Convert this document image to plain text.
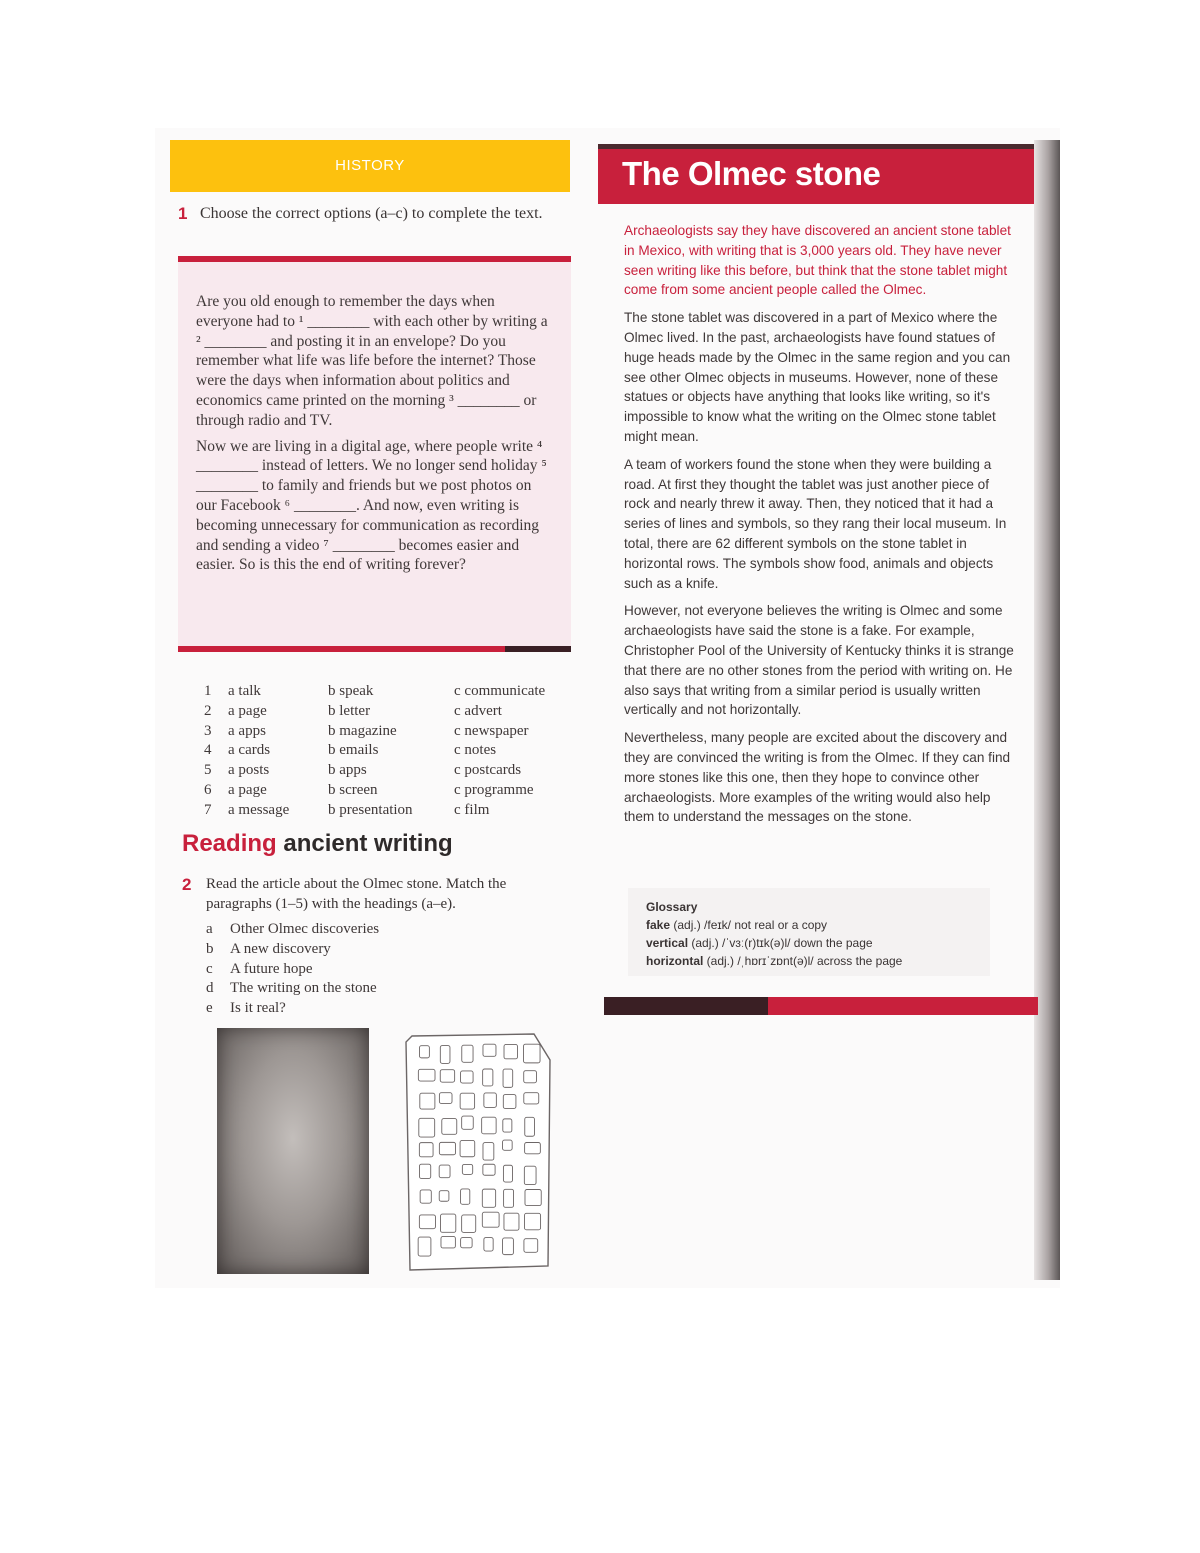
HISTORY
1 Choose the correct options (a–c) to complete the text.

Are you old enough to remember the days when everyone had to ¹ ________ with each other by writing a ² ________ and posting it in an envelope? Do you remember what life was life before the internet? Those were the days when information about politics and economics came printed on the morning ³ ________ or through radio and TV.

Now we are living in a digital age, where people write ⁴ ________ instead of letters. We no longer send holiday ⁵ ________ to family and friends but we post photos on our Facebook ⁶ ________. And now, even writing is becoming unnecessary for communication as recording and sending a video ⁷ ________ becomes easier and easier. So is this the end of writing forever?

1	a talk	b speak	c communicate
2	a page	b letter	c advert
3	a apps	b magazine	c newspaper
4	a cards	b emails	c notes
5	a posts	b apps	c postcards
6	a page	b screen	c programme
7	a message	b presentation	c film
Reading ancient writing
2 Read the article about the Olmec stone. Match the paragraphs (1–5) with the headings (a–e).
a Other Olmec discoveries
b A new discovery
c A future hope
d The writing on the stone
e Is it real?
The Olmec stone

Archaeologists say they have discovered an ancient stone tablet in Mexico, with writing that is 3,000 years old. They have never seen writing like this before, but think that the stone tablet might come from some ancient people called the Olmec.

The stone tablet was discovered in a part of Mexico where the Olmec lived. In the past, archaeologists have found statues of huge heads made by the Olmec in the same region and you can see other Olmec objects in museums. However, none of these statues or objects have anything that looks like writing, so it's impossible to know what the writing on the Olmec stone tablet might mean.

A team of workers found the stone when they were building a road. At first they thought the tablet was just another piece of rock and nearly threw it away. Then, they noticed that it had a series of lines and symbols, so they rang their local museum. In total, there are 62 different symbols on the stone tablet in horizontal rows. The symbols show food, animals and objects such as a knife.

However, not everyone believes the writing is Olmec and some archaeologists have said the stone is a fake. For example, Christopher Pool of the University of Kentucky thinks it is strange that there are no other stones from the period with writing on. He also says that writing from a similar period is usually written vertically and not horizontally.

Nevertheless, many people are excited about the discovery and they are convinced the writing is from the Olmec. If they can find more stones like this one, then they hope to convince other archaeologists. More examples of the writing would also help them to understand the messages on the stone.

Glossary
fake (adj.) /feɪk/ not real or a copy
vertical (adj.) /ˈvɜː(r)tɪk(ə)l/ down the page
horizontal (adj.) /ˌhɒrɪˈzɒnt(ə)l/ across the page
